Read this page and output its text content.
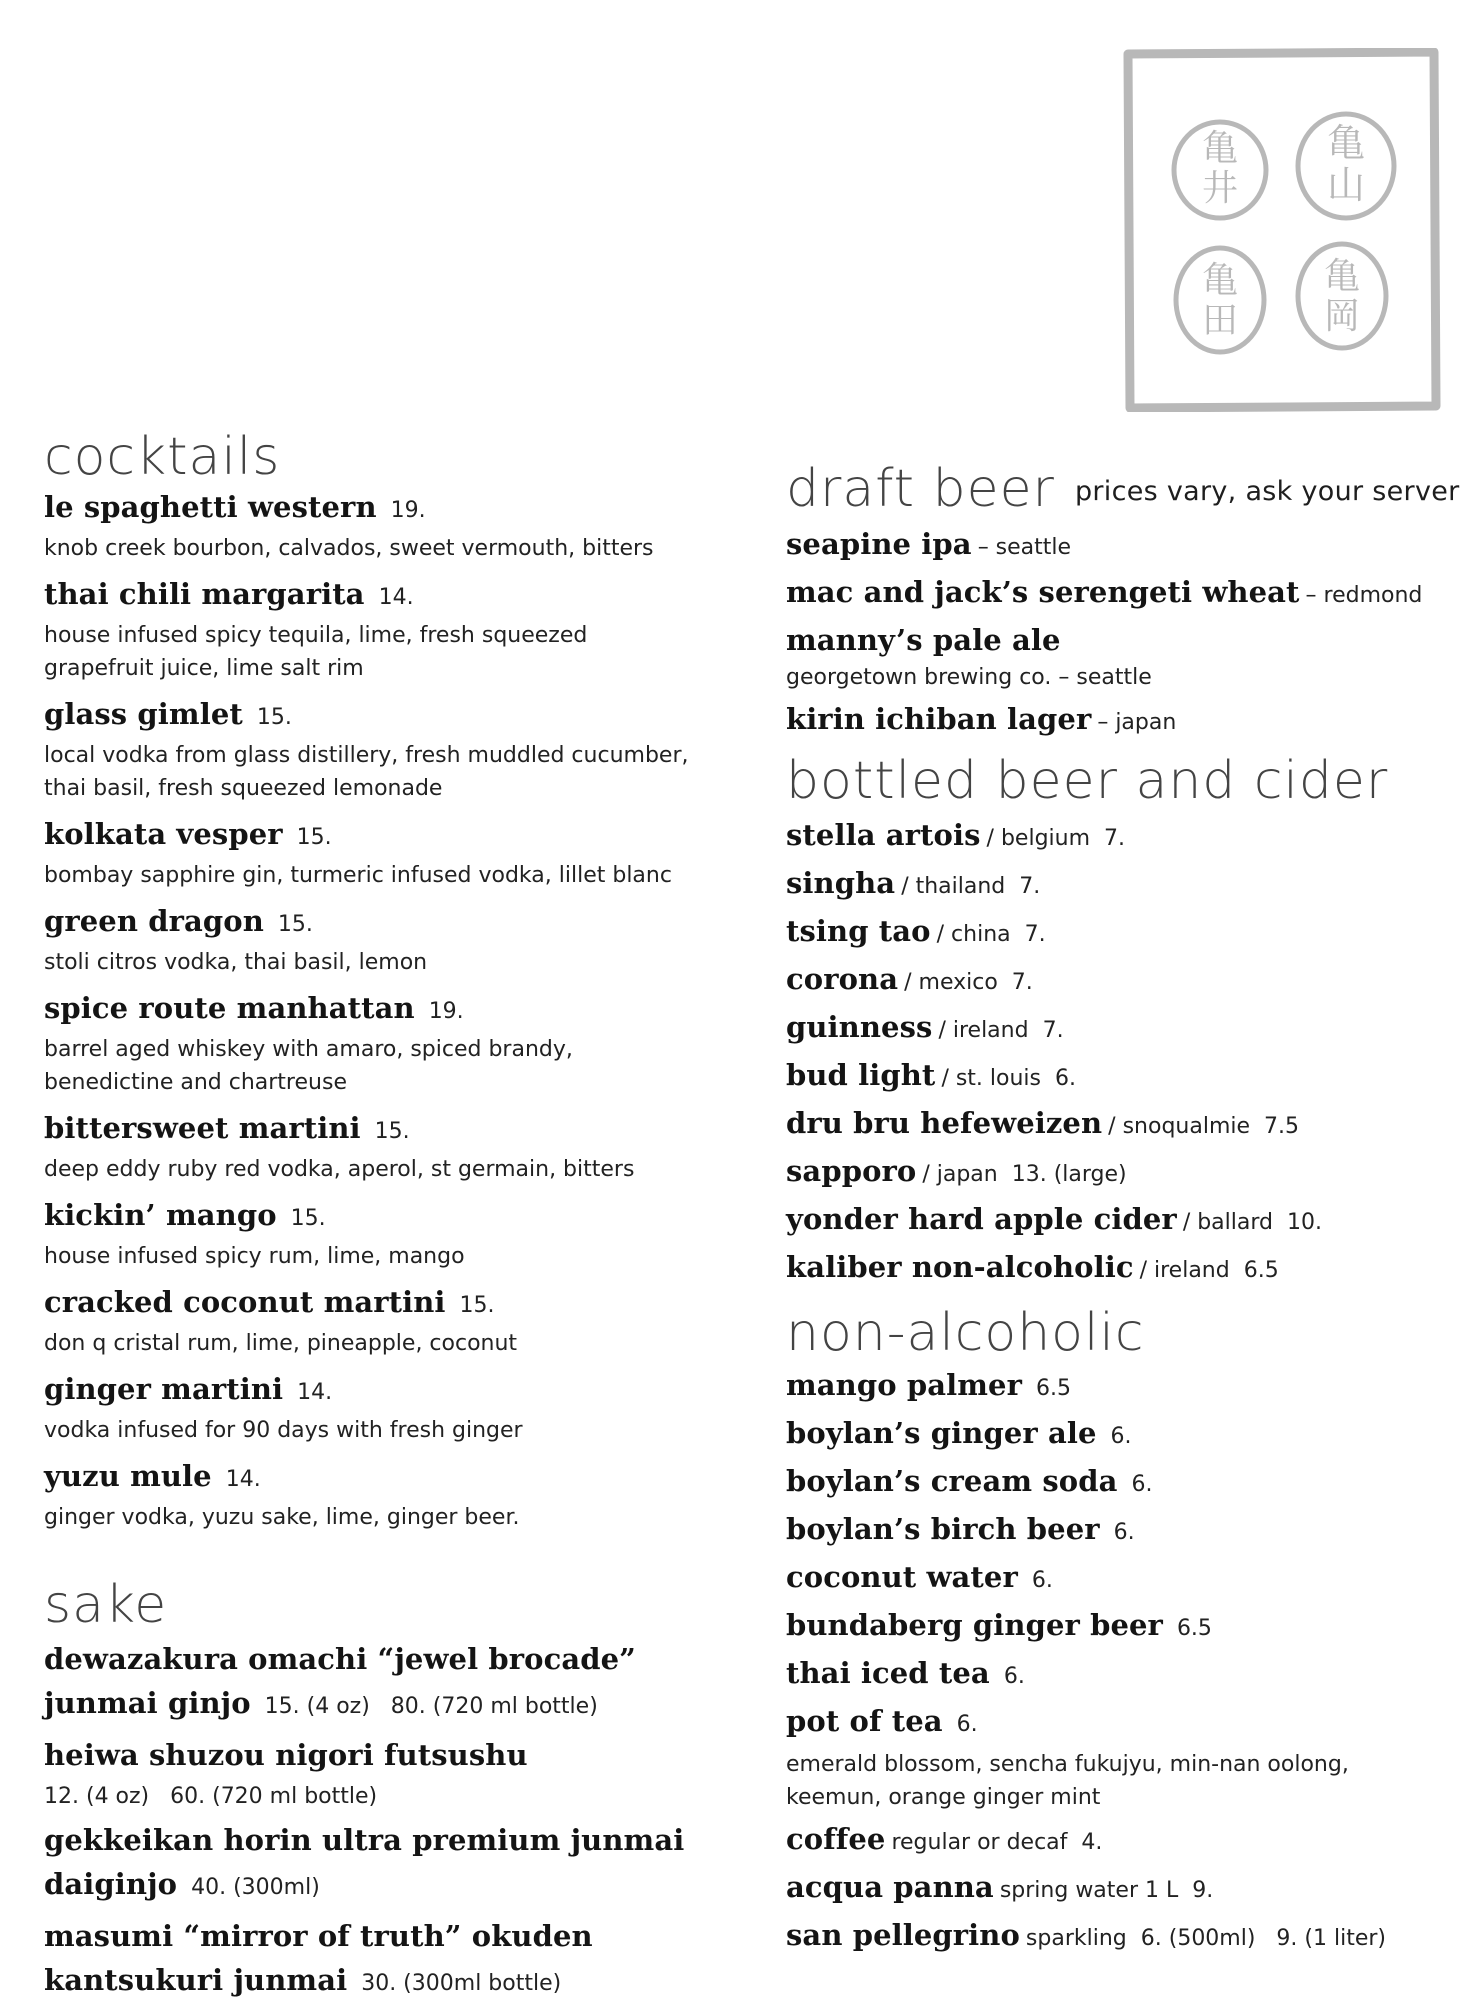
亀
井
亀
山
亀
田
亀
岡
cocktails

le spaghetti western 19.

knob creek bourbon, calvados, sweet vermouth, bitters

thai chili margarita 14.

house infused spicy tequila, lime, fresh squeezed

grapefruit juice, lime salt rim

glass gimlet 15.

local vodka from glass distillery, fresh muddled cucumber,

thai basil, fresh squeezed lemonade

kolkata vesper 15.

bombay sapphire gin, turmeric infused vodka, lillet blanc

green dragon 15.

stoli citros vodka, thai basil, lemon

spice route manhattan 19.

barrel aged whiskey with amaro, spiced brandy,

benedictine and chartreuse

bittersweet martini 15.

deep eddy ruby red vodka, aperol, st germain, bitters

kickin’ mango 15.

house infused spicy rum, lime, mango

cracked coconut martini 15.

don q cristal rum, lime, pineapple, coconut

ginger martini 14.

vodka infused for 90 days with fresh ginger

yuzu mule 14.

ginger vodka, yuzu sake, lime, ginger beer.

sake

dewazakura omachi “jewel brocade”

junmai ginjo 15. (4 oz)   80. (720 ml bottle)

heiwa shuzou nigori futsushu

12. (4 oz)   60. (720 ml bottle)

gekkeikan horin ultra premium junmai

daiginjo 40. (300ml)

masumi “mirror of truth” okuden

kantsukuri junmai 30. (300ml bottle)

draft beer prices vary, ask your server

seapine ipa – seattle

mac and jack’s serengeti wheat – redmond

manny’s pale ale

georgetown brewing co. – seattle

kirin ichiban lager – japan

bottled beer and cider

stella artois / belgium 7.

singha / thailand 7.

tsing tao / china 7.

corona / mexico 7.

guinness / ireland 7.

bud light / st. louis 6.

dru bru hefeweizen / snoqualmie 7.5

sapporo / japan 13. (large)

yonder hard apple cider / ballard 10.

kaliber non-alcoholic / ireland 6.5

non-alcoholic

mango palmer 6.5

boylan’s ginger ale 6.

boylan’s cream soda 6.

boylan’s birch beer 6.

coconut water 6.

bundaberg ginger beer 6.5

thai iced tea 6.

pot of tea 6.

emerald blossom, sencha fukujyu, min-nan oolong,

keemun, orange ginger mint

coffee regular or decaf 4.

acqua panna spring water 1 L 9.

san pellegrino sparkling 6. (500ml)   9. (1 liter)
